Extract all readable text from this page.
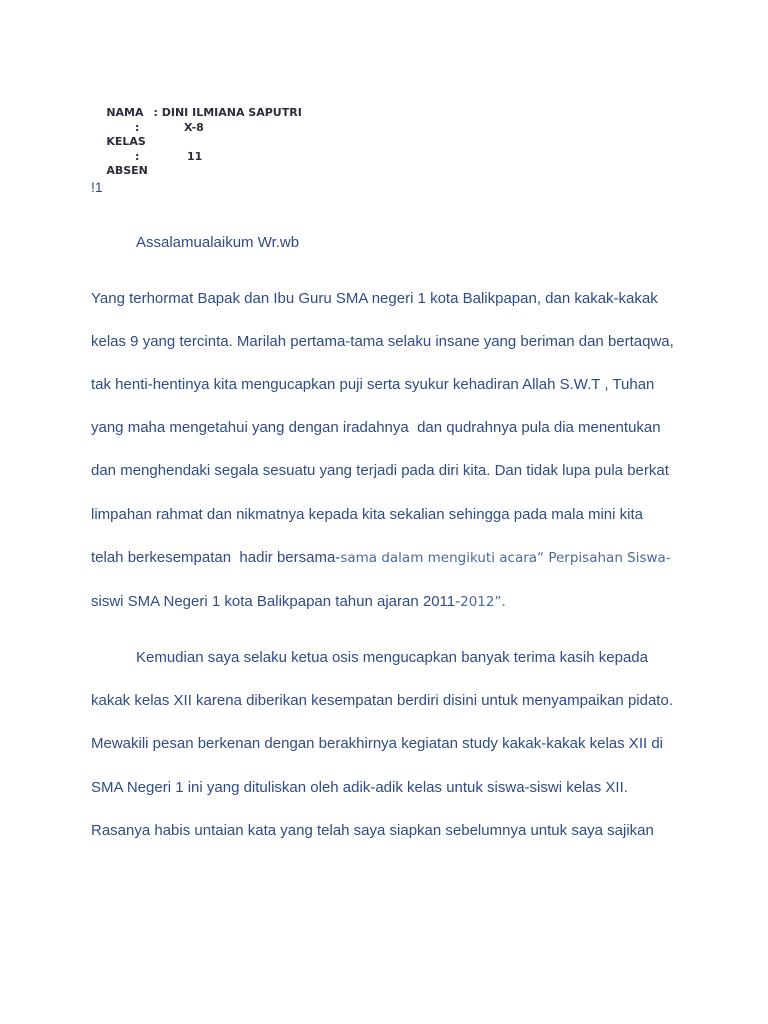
NAMA : DINI ILMIANA SAPUTRI

KELAS

:

	X-8

ABSEN

:

	11

!1
Assalamualaikum Wr.wb
Yang terhormat Bapak dan Ibu Guru SMA negeri 1 kota Balikpapan, dan kakak-kakak
kelas 9 yang tercinta. Marilah pertama-tama selaku insane yang beriman dan bertaqwa,
tak henti-hentinya kita mengucapkan puji serta syukur kehadiran Allah S.W.T , Tuhan
yang maha mengetahui yang dengan iradahnya  dan qudrahnya pula dia menentukan
dan menghendaki segala sesuatu yang terjadi pada diri kita. Dan tidak lupa pula berkat
limpahan rahmat dan nikmatnya kepada kita sekalian sehingga pada mala mini kita
telah berkesempatan  hadir bersama-sama dalam mengikuti acara“ Perpisahan Siswa-
siswi SMA Negeri 1 kota Balikpapan tahun ajaran 2011-2012”.
Kemudian saya selaku ketua osis mengucapkan banyak terima kasih kepada
kakak kelas XII karena diberikan kesempatan berdiri disini untuk menyampaikan pidato.
Mewakili pesan berkenan dengan berakhirnya kegiatan study kakak-kakak kelas XII di
SMA Negeri 1 ini yang dituliskan oleh adik-adik kelas untuk siswa-siswi kelas XII.
Rasanya habis untaian kata yang telah saya siapkan sebelumnya untuk saya sajikan
